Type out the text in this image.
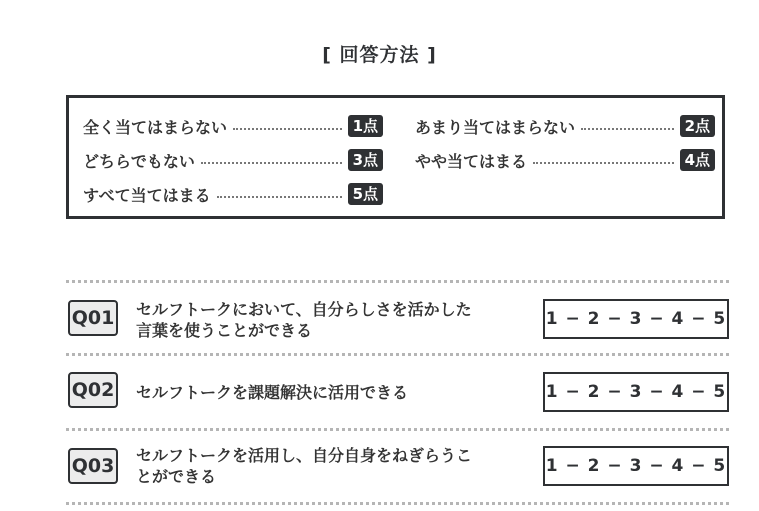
[ 回答方法 ]
全く当てはまらない	1点	あまり当てはまらない	2点
どちらでもない	3点	やや当てはまる	4点
すべて当てはまる	5点
Q01 セルフトークにおいて、自分らしさを活かした
言葉を使うことができる
1 − 2 − 3 − 4 − 5
Q02 セルフトークを課題解決に活用できる	1 − 2 − 3 − 4 − 5
Q03 セルフトークを活用し、自分自身をねぎらうこ
とができる
1 − 2 − 3 − 4 − 5
